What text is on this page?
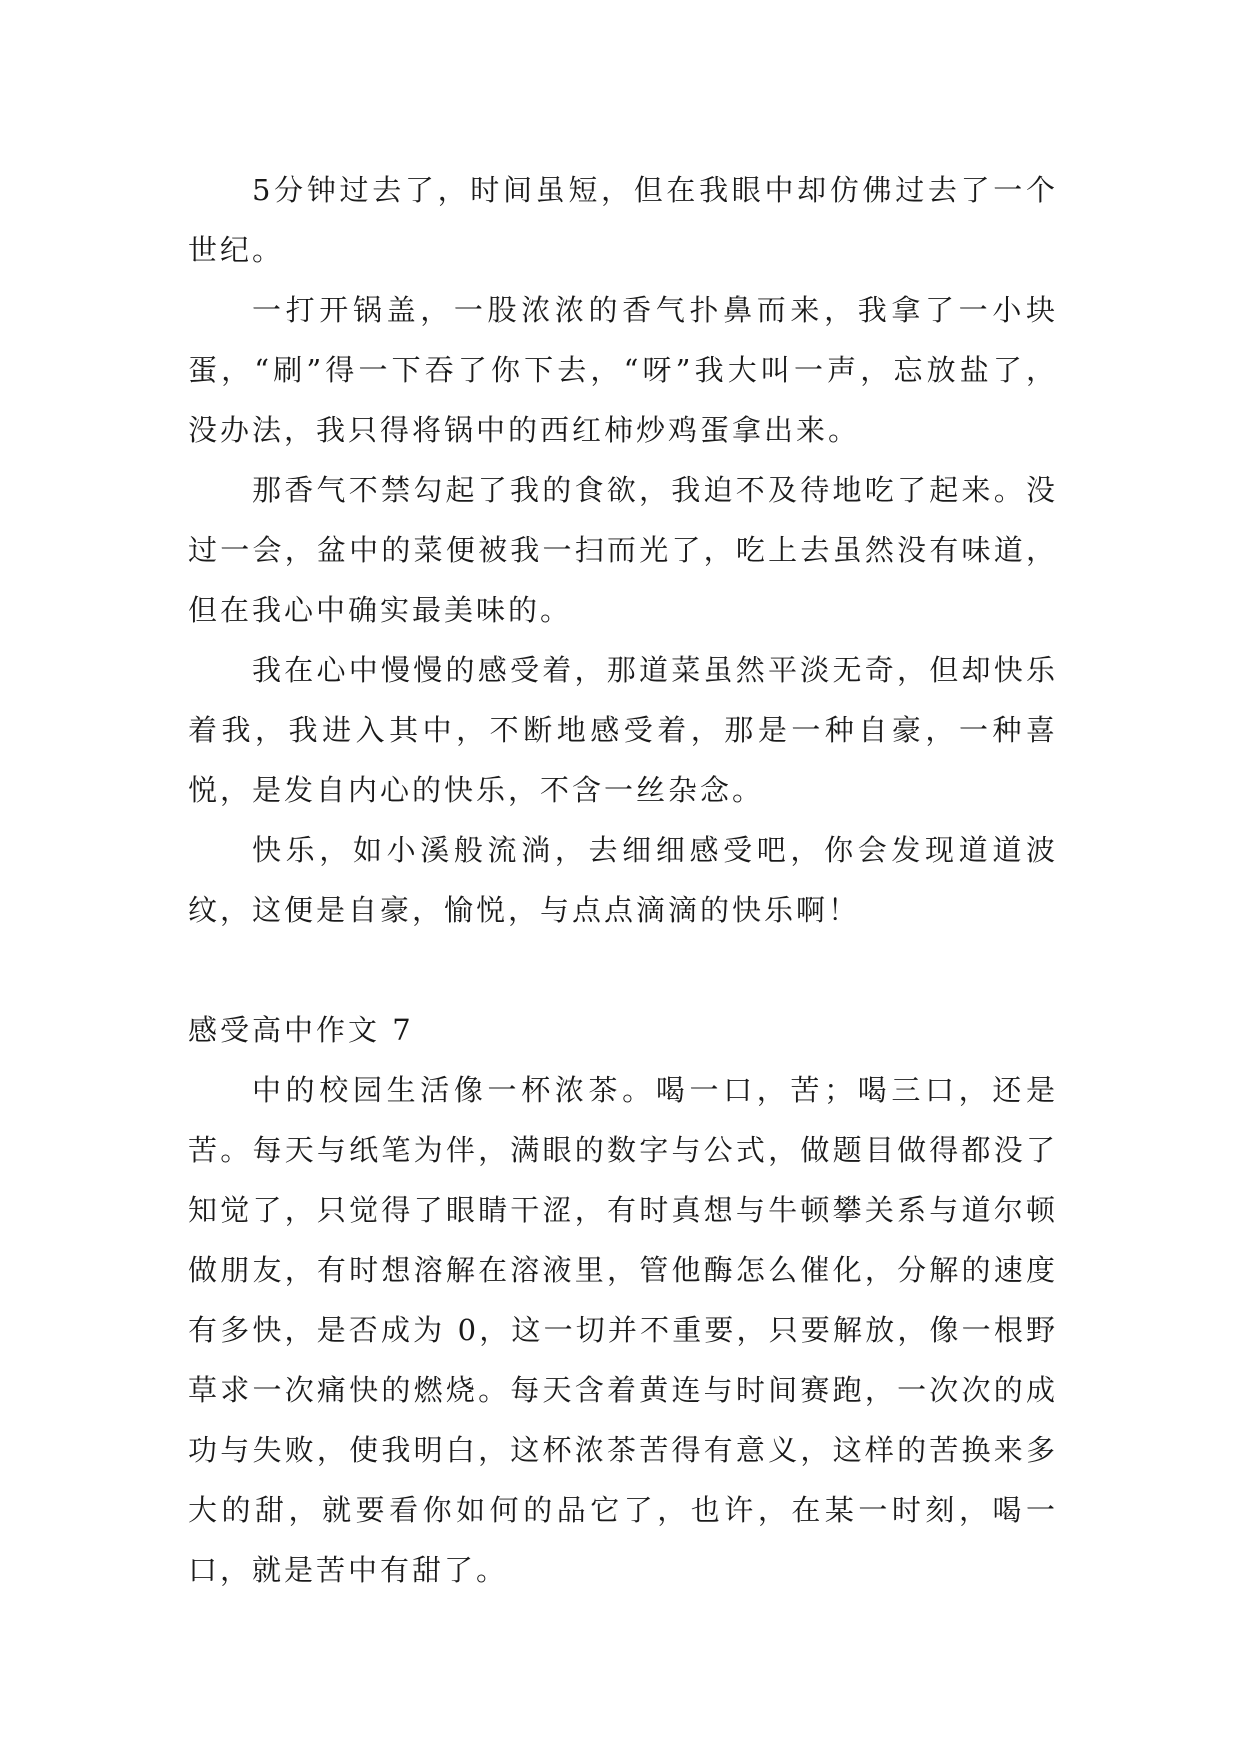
5分钟过去了，时间虽短，但在我眼中却仿佛过去了一个世纪。

一打开锅盖，一股浓浓的香气扑鼻而来，我拿了一小块蛋，“刷”得一下吞了你下去，“呀”我大叫一声，忘放盐了，没办法，我只得将锅中的西红柿炒鸡蛋拿出来。

那香气不禁勾起了我的食欲，我迫不及待地吃了起来。没过一会，盆中的菜便被我一扫而光了，吃上去虽然没有味道，但在我心中确实最美味的。

我在心中慢慢的感受着，那道菜虽然平淡无奇，但却快乐着我，我进入其中，不断地感受着，那是一种自豪，一种喜悦，是发自内心的快乐，不含一丝杂念。

快乐，如小溪般流淌，去细细感受吧，你会发现道道波纹，这便是自豪，愉悦，与点点滴滴的快乐啊！

感受高中作文 7

中的校园生活像一杯浓茶。喝一口，苦；喝三口，还是苦。每天与纸笔为伴，满眼的数字与公式，做题目做得都没了知觉了，只觉得了眼睛干涩，有时真想与牛顿攀关系与道尔顿做朋友，有时想溶解在溶液里，管他酶怎么催化，分解的速度有多快，是否成为 0，这一切并不重要，只要解放，像一根野草求一次痛快的燃烧。每天含着黄连与时间赛跑，一次次的成功与失败，使我明白，这杯浓茶苦得有意义，这样的苦换来多大的甜，就要看你如何的品它了，也许，在某一时刻，喝一口，就是苦中有甜了。
